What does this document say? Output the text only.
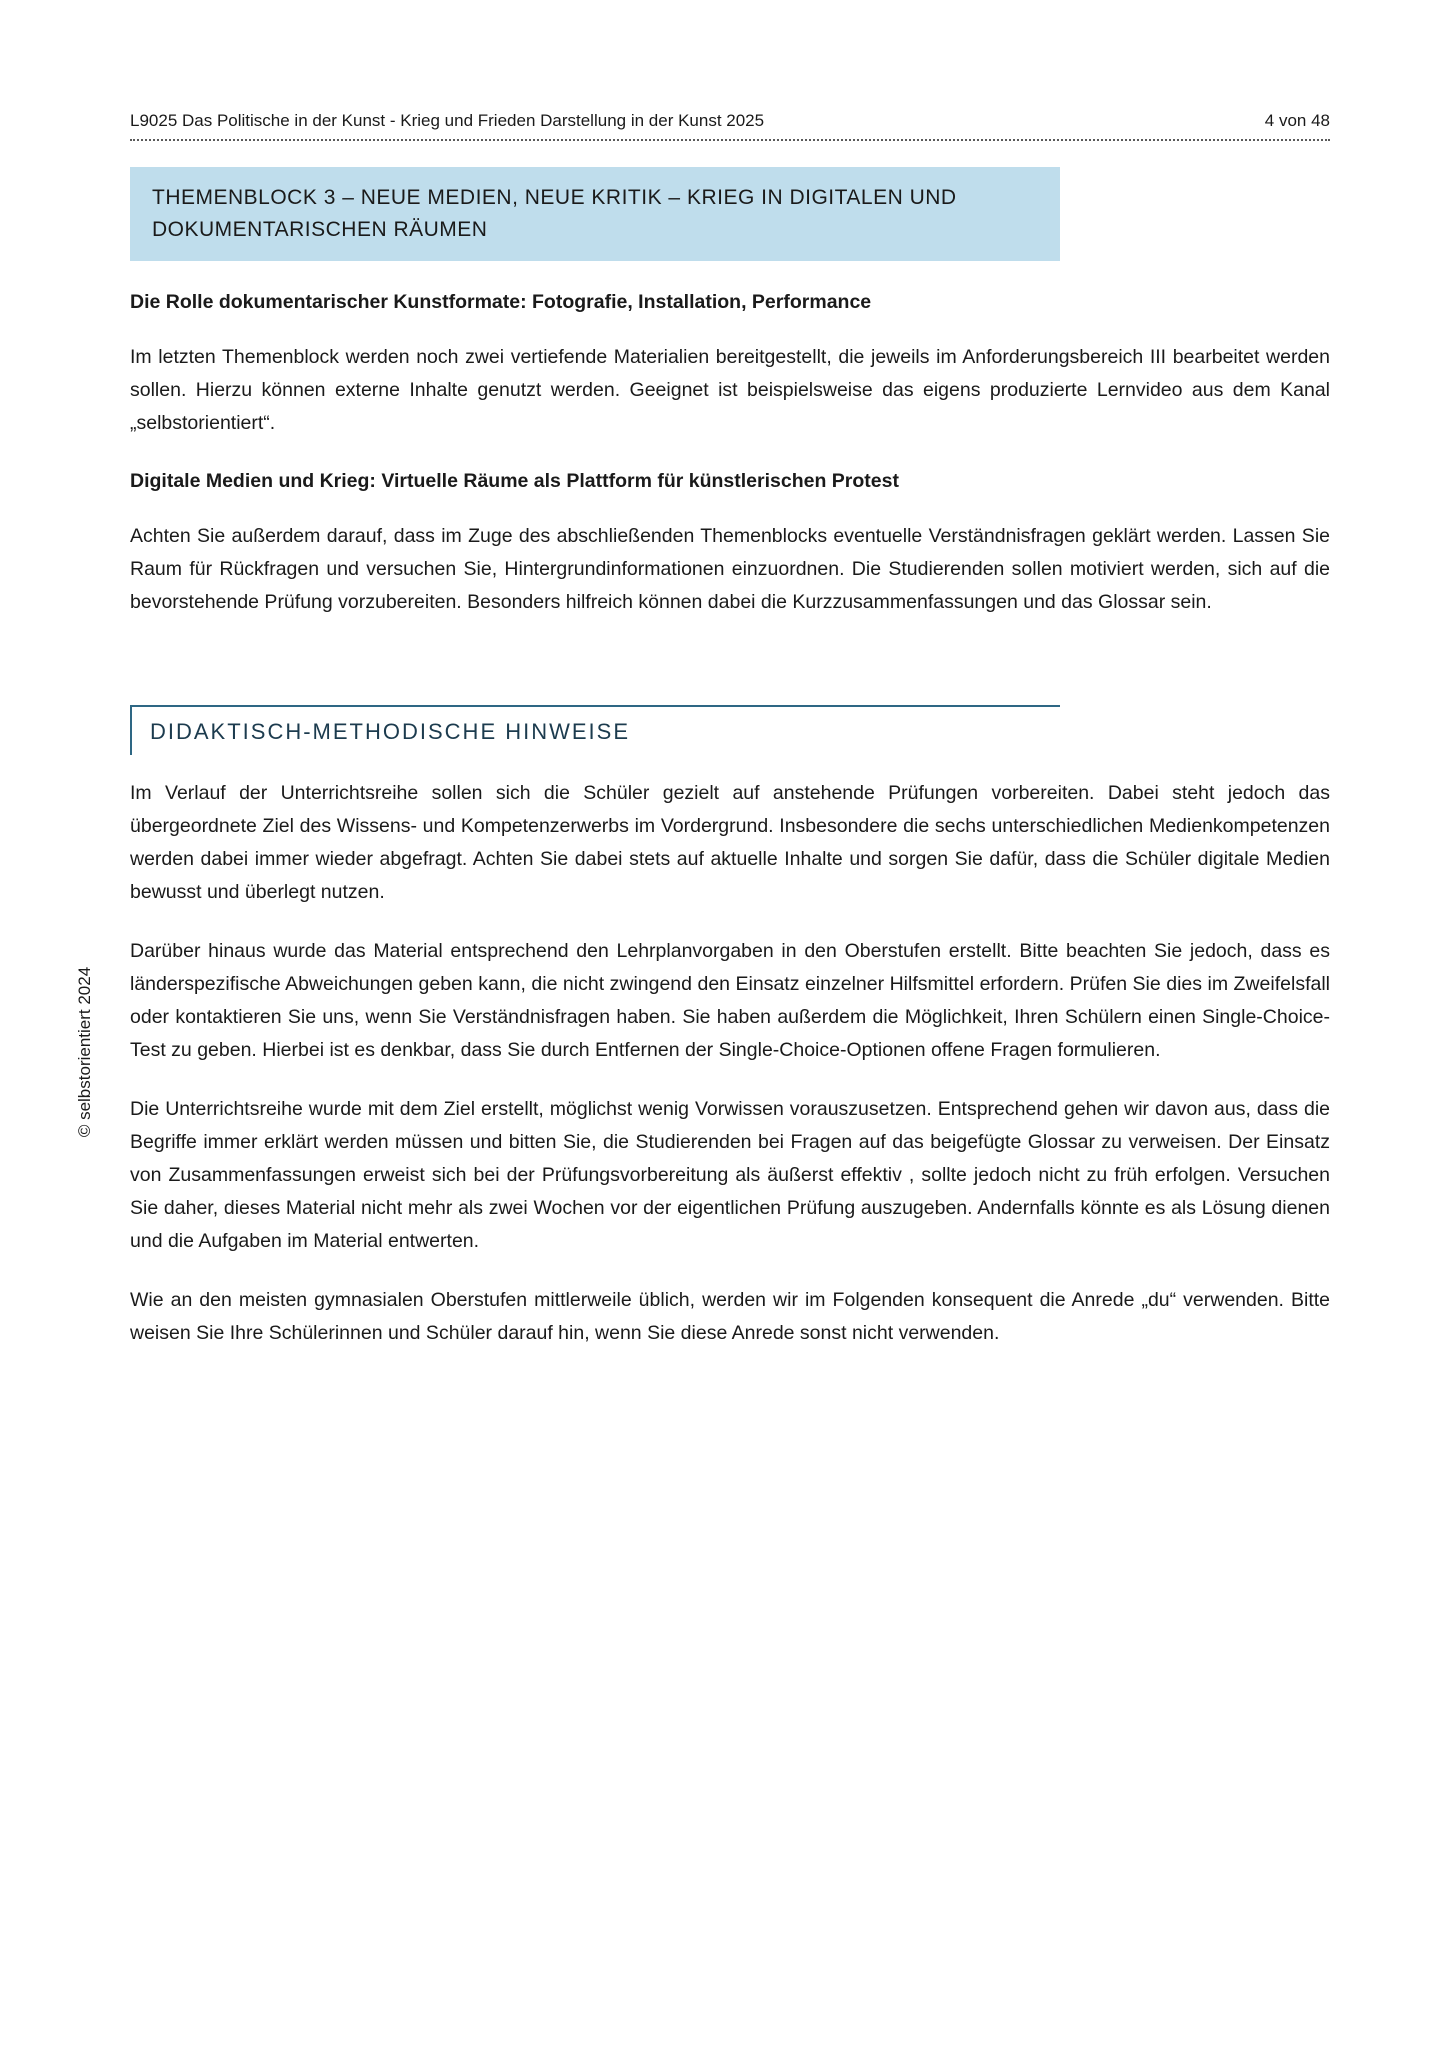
L9025 Das Politische in der Kunst - Krieg und Frieden Darstellung in der Kunst 2025	4 von 48
THEMENBLOCK 3 – NEUE MEDIEN, NEUE KRITIK – KRIEG IN DIGITALEN UND
DOKUMENTARISCHEN RÄUMEN
Die Rolle dokumentarischer Kunstformate: Fotografie, Installation, Performance

Im letzten Themenblock werden noch zwei vertiefende Materialien bereitgestellt, die jeweils im Anforderungsbereich III bearbeitet werden sollen. Hierzu können externe Inhalte genutzt werden. Geeignet ist beispielsweise das eigens produzierte Lernvideo aus dem Kanal „selbstorientiert“.

Digitale Medien und Krieg: Virtuelle Räume als Plattform für künstlerischen Protest

Achten Sie außerdem darauf, dass im Zuge des abschließenden Themenblocks eventuelle Verständnisfragen geklärt werden. Lassen Sie Raum für Rückfragen und versuchen Sie, Hintergrundinformationen einzuordnen. Die Studierenden sollen motiviert werden, sich auf die bevorstehende Prüfung vorzubereiten. Besonders hilfreich können dabei die Kurzzusammenfassungen und das Glossar sein.

DIDAKTISCH-METHODISCHE HINWEISE

Im Verlauf der Unterrichtsreihe sollen sich die Schüler gezielt auf anstehende Prüfungen vorbereiten. Dabei steht jedoch das übergeordnete Ziel des Wissens- und Kompetenzerwerbs im Vordergrund. Insbesondere die sechs unterschiedlichen Medienkompetenzen werden dabei immer wieder abgefragt. Achten Sie dabei stets auf aktuelle Inhalte und sorgen Sie dafür, dass die Schüler digitale Medien bewusst und überlegt nutzen.

Darüber hinaus wurde das Material entsprechend den Lehrplanvorgaben in den Oberstufen erstellt. Bitte beachten Sie jedoch, dass es länderspezifische Abweichungen geben kann, die nicht zwingend den Einsatz einzelner Hilfsmittel erfordern. Prüfen Sie dies im Zweifelsfall oder kontaktieren Sie uns, wenn Sie Verständnisfragen haben. Sie haben außerdem die Möglichkeit, Ihren Schülern einen Single-Choice- Test zu geben. Hierbei ist es denkbar, dass Sie durch Entfernen der Single-Choice-Optionen offene Fragen formulieren.

Die Unterrichtsreihe wurde mit dem Ziel erstellt, möglichst wenig Vorwissen vorauszusetzen. Entsprechend gehen wir davon aus, dass die Begriffe immer erklärt werden müssen und bitten Sie, die Studierenden bei Fragen auf das beigefügte Glossar zu verweisen. Der Einsatz von Zusammenfassungen erweist sich bei der Prüfungsvorbereitung als äußerst effektiv , sollte jedoch nicht zu früh erfolgen. Versuchen Sie daher, dieses Material nicht mehr als zwei Wochen vor der eigentlichen Prüfung auszugeben. Andernfalls könnte es als Lösung dienen und die Aufgaben im Material entwerten.

Wie an den meisten gymnasialen Oberstufen mittlerweile üblich, werden wir im Folgenden konsequent die Anrede „du“ verwenden. Bitte weisen Sie Ihre Schülerinnen und Schüler darauf hin, wenn Sie diese Anrede sonst nicht verwenden.

© selbstorientiert 2024
